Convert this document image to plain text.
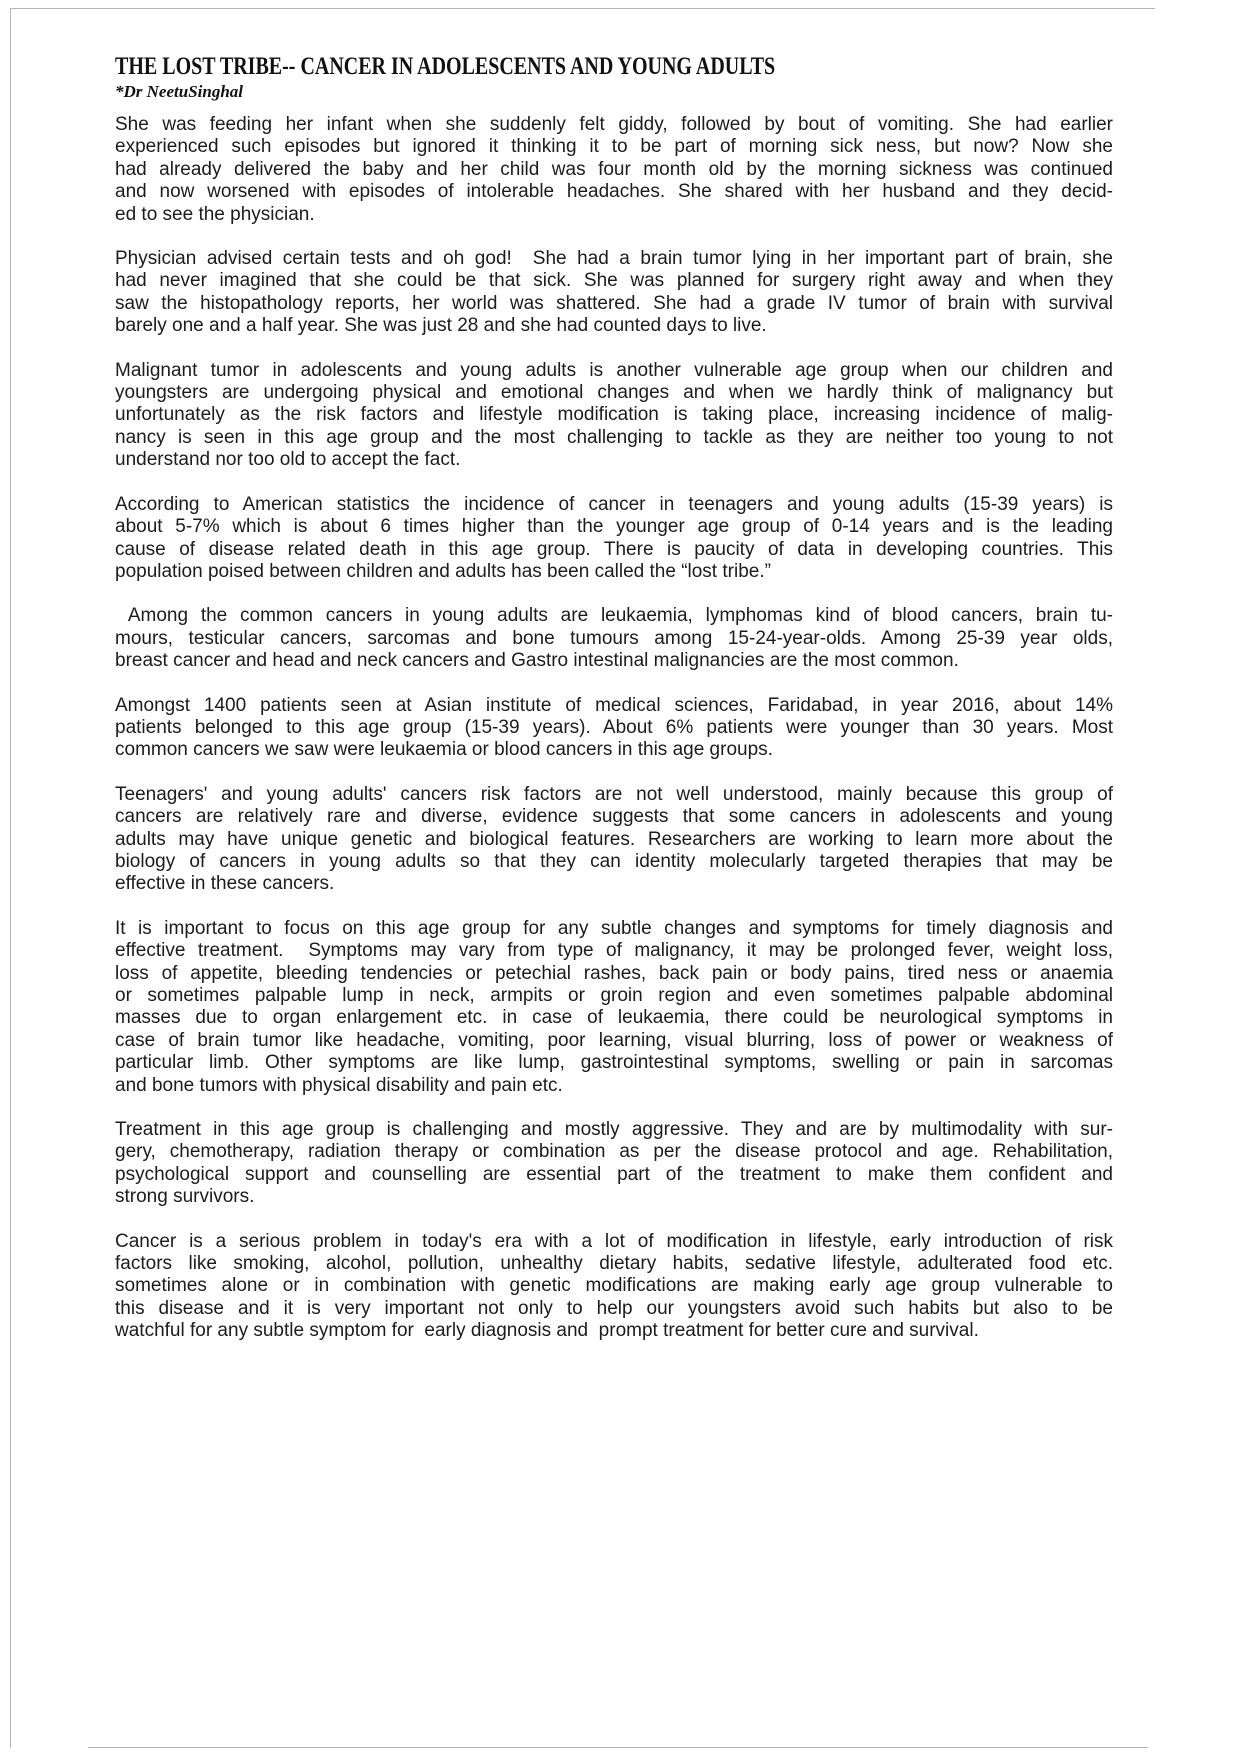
THE LOST TRIBE-- CANCER IN ADOLESCENTS AND YOUNG ADULTS
*Dr NeetuSinghal
She was feeding her infant when she suddenly felt giddy, followed by bout of vomiting. She had earlier
experienced such episodes but ignored it thinking it to be part of morning sick ness, but now? Now she
had already delivered the baby and her child was four month old by the morning sickness was continued
and now worsened with episodes of intolerable headaches. She shared with her husband and they decid-
ed to see the physician.
Physician advised certain tests and oh god!  She had a brain tumor lying in her important part of brain, she
had never imagined that she could be that sick. She was planned for surgery right away and when they
saw the histopathology reports, her world was shattered. She had a grade IV tumor of brain with survival
barely one and a half year. She was just 28 and she had counted days to live.
Malignant tumor in adolescents and young adults is another vulnerable age group when our children and
youngsters are undergoing physical and emotional changes and when we hardly think of malignancy but
unfortunately as the risk factors and lifestyle modification is taking place, increasing incidence of malig-
nancy is seen in this age group and the most challenging to tackle as they are neither too young to not
understand nor too old to accept the fact.
According to American statistics the incidence of cancer in teenagers and young adults (15-39 years) is
about 5-7% which is about 6 times higher than the younger age group of 0-14 years and is the leading
cause of disease related death in this age group. There is paucity of data in developing countries. This
population poised between children and adults has been called the “lost tribe.”
Among the common cancers in young adults are leukaemia, lymphomas kind of blood cancers, brain tu-
mours, testicular cancers, sarcomas and bone tumours among 15-24-year-olds. Among 25-39 year olds,
breast cancer and head and neck cancers and Gastro intestinal malignancies are the most common.
Amongst 1400 patients seen at Asian institute of medical sciences, Faridabad, in year 2016, about 14%
patients belonged to this age group (15-39 years). About 6% patients were younger than 30 years. Most
common cancers we saw were leukaemia or blood cancers in this age groups.
Teenagers' and young adults' cancers risk factors are not well understood, mainly because this group of
cancers are relatively rare and diverse, evidence suggests that some cancers in adolescents and young
adults may have unique genetic and biological features. Researchers are working to learn more about the
biology of cancers in young adults so that they can identity molecularly targeted therapies that may be
effective in these cancers.
It is important to focus on this age group for any subtle changes and symptoms for timely diagnosis and
effective treatment.  Symptoms may vary from type of malignancy, it may be prolonged fever, weight loss,
loss of appetite, bleeding tendencies or petechial rashes, back pain or body pains, tired ness or anaemia
or sometimes palpable lump in neck, armpits or groin region and even sometimes palpable abdominal
masses due to organ enlargement etc. in case of leukaemia, there could be neurological symptoms in
case of brain tumor like headache, vomiting, poor learning, visual blurring, loss of power or weakness of
particular limb. Other symptoms are like lump, gastrointestinal symptoms, swelling or pain in sarcomas
and bone tumors with physical disability and pain etc.
Treatment in this age group is challenging and mostly aggressive. They and are by multimodality with sur-
gery, chemotherapy, radiation therapy or combination as per the disease protocol and age. Rehabilitation,
psychological support and counselling are essential part of the treatment to make them confident and
strong survivors.
Cancer is a serious problem in today's era with a lot of modification in lifestyle, early introduction of risk
factors like smoking, alcohol, pollution, unhealthy dietary habits, sedative lifestyle, adulterated food etc.
sometimes alone or in combination with genetic modifications are making early age group vulnerable to
this disease and it is very important not only to help our youngsters avoid such habits but also to be
watchful for any subtle symptom for  early diagnosis and  prompt treatment for better cure and survival.
